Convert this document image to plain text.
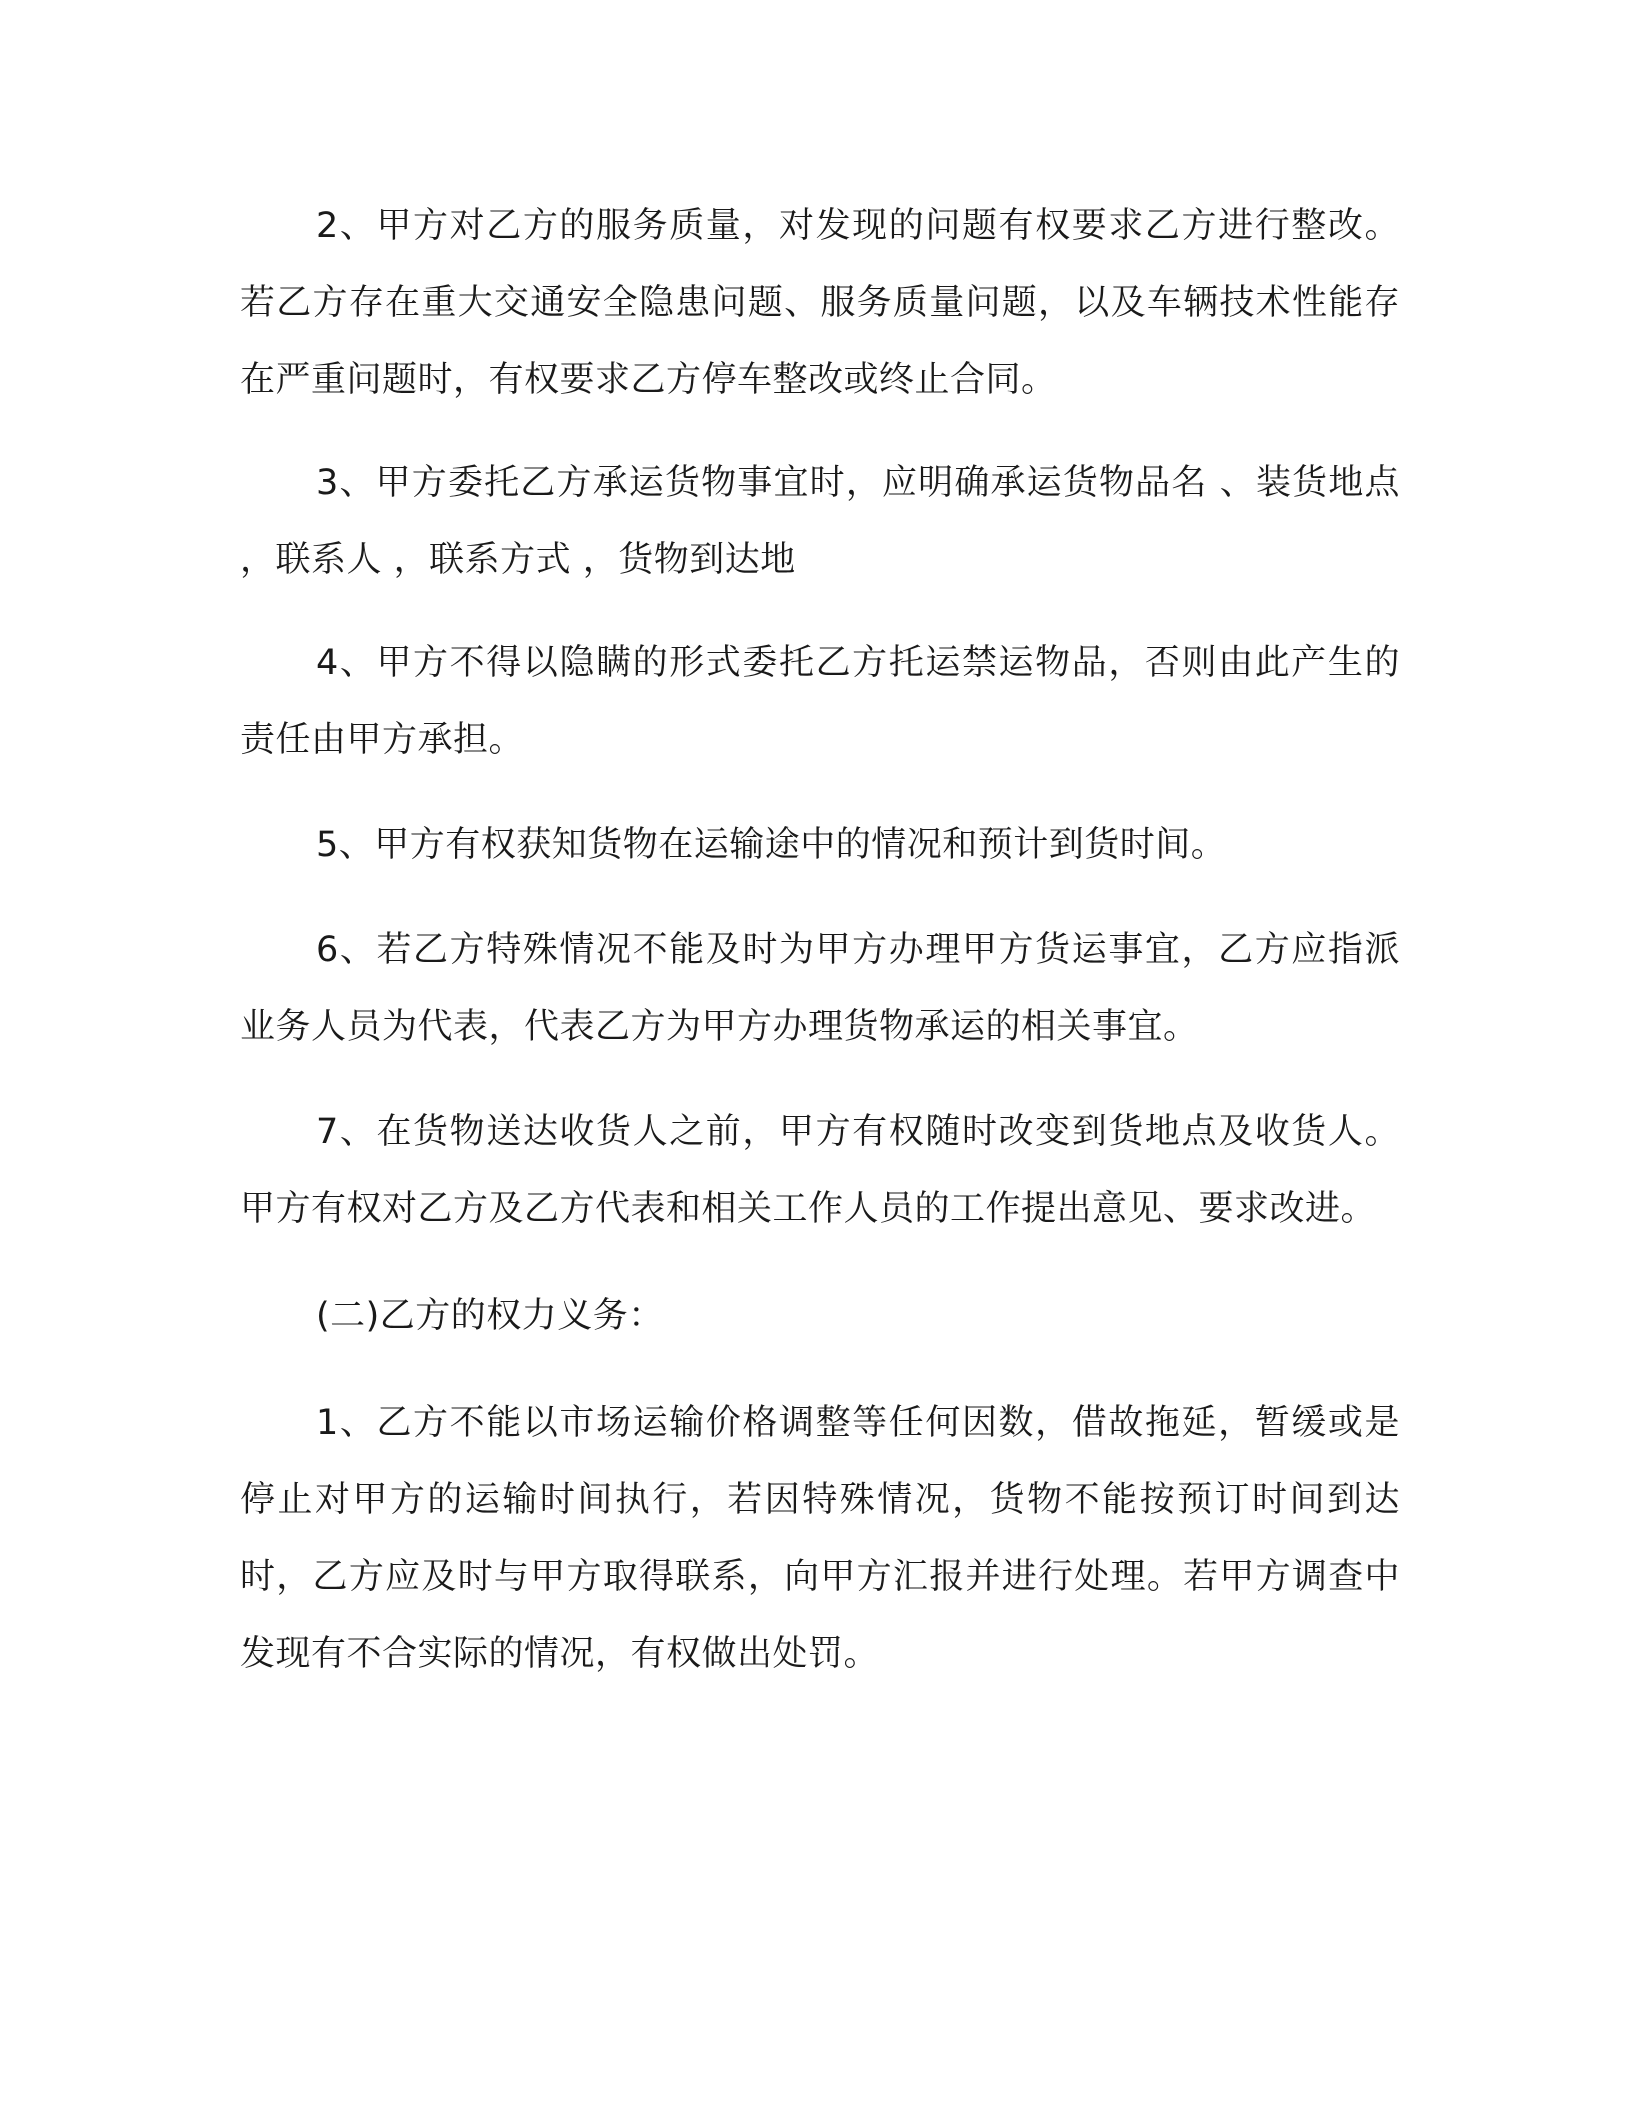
2、甲方对乙方的服务质量，对发现的问题有权要求乙方进行整改。若乙方存在重大交通安全隐患问题、服务质量问题，以及车辆技术性能存在严重问题时，有权要求乙方停车整改或终止合同。

3、甲方委托乙方承运货物事宜时，应明确承运货物品名 、装货地点 ，联系人 ，联系方式 ，货物到达地

4、甲方不得以隐瞒的形式委托乙方托运禁运物品，否则由此产生的责任由甲方承担。

5、甲方有权获知货物在运输途中的情况和预计到货时间。

6、若乙方特殊情况不能及时为甲方办理甲方货运事宜，乙方应指派业务人员为代表，代表乙方为甲方办理货物承运的相关事宜。

7、在货物送达收货人之前，甲方有权随时改变到货地点及收货人。甲方有权对乙方及乙方代表和相关工作人员的工作提出意见、要求改进。

(二)乙方的权力义务：

1、乙方不能以市场运输价格调整等任何因数，借故拖延，暂缓或是停止对甲方的运输时间执行，若因特殊情况，货物不能按预订时间到达时，乙方应及时与甲方取得联系，向甲方汇报并进行处理。若甲方调查中发现有不合实际的情况，有权做出处罚。
